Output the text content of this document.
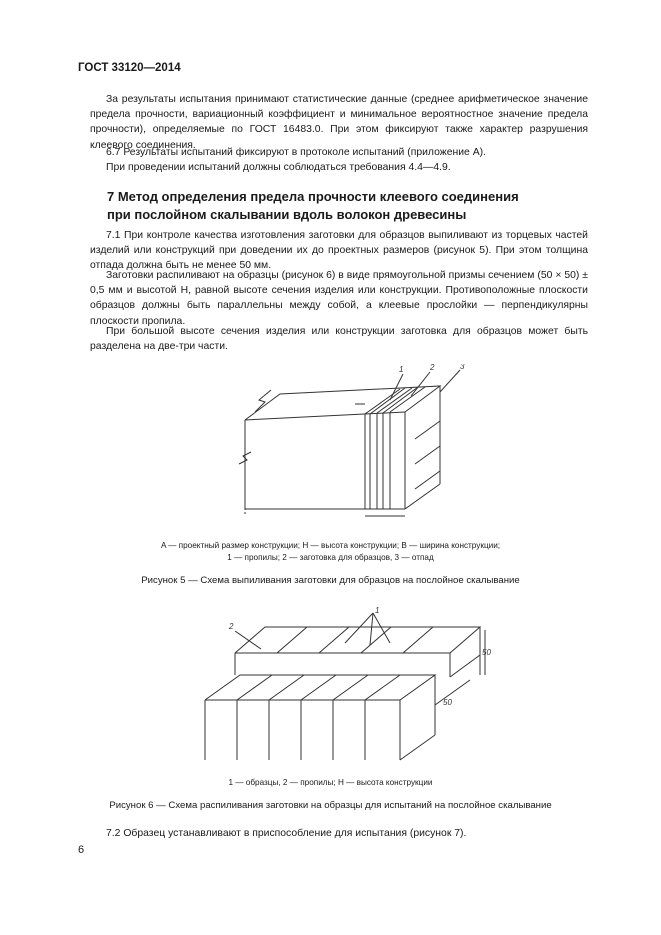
ГОСТ 33120—2014

За результаты испытания принимают статистические данные (среднее арифметическое значение предела прочности, вариационный коэффициент и минимальное вероятностное значение предела прочности), определяемые по ГОСТ 16483.0. При этом фиксируют также характер разрушения клеевого соединения.

6.7 Результаты испытаний фиксируют в протоколе испытаний (приложение А).

При проведении испытаний должны соблюдаться требования 4.4—4.9.

7 Метод определения предела прочности клеевого соединения
при послойном скалывании вдоль волокон древесины

7.1 При контроле качества изготовления заготовки для образцов выпиливают из торцевых частей изделий или конструкций при доведении их до проектных размеров (рисунок 5). При этом толщина отпада должна быть не менее 50 мм.

Заготовки распиливают на образцы (рисунок 6) в виде прямоугольной призмы сечением (50 × 50) ± 0,5 мм и высотой H, равной высоте сечения изделия или конструкции. Противоположные плоскости образцов должны быть параллельны между собой, а клеевые прослойки — перпендикулярны плоскости пропила.

При большой высоте сечения изделия или конструкции заготовка для образцов может быть разделена на две-три части.

1	2	3
A — проектный размер конструкции; H — высота конструкции; B — ширина конструкции;
1 — пропилы; 2 — заготовка для образцов, 3 — отпад
Рисунок 5 — Схема выпиливания заготовки для образцов на послойное скалывание
2
1
50
50
1 — образцы, 2 — пропилы; H — высота конструкции
Рисунок 6 — Схема распиливания заготовки на образцы для испытаний на послойное скалывание

7.2 Образец устанавливают в приспособление для испытания (рисунок 7).

6
